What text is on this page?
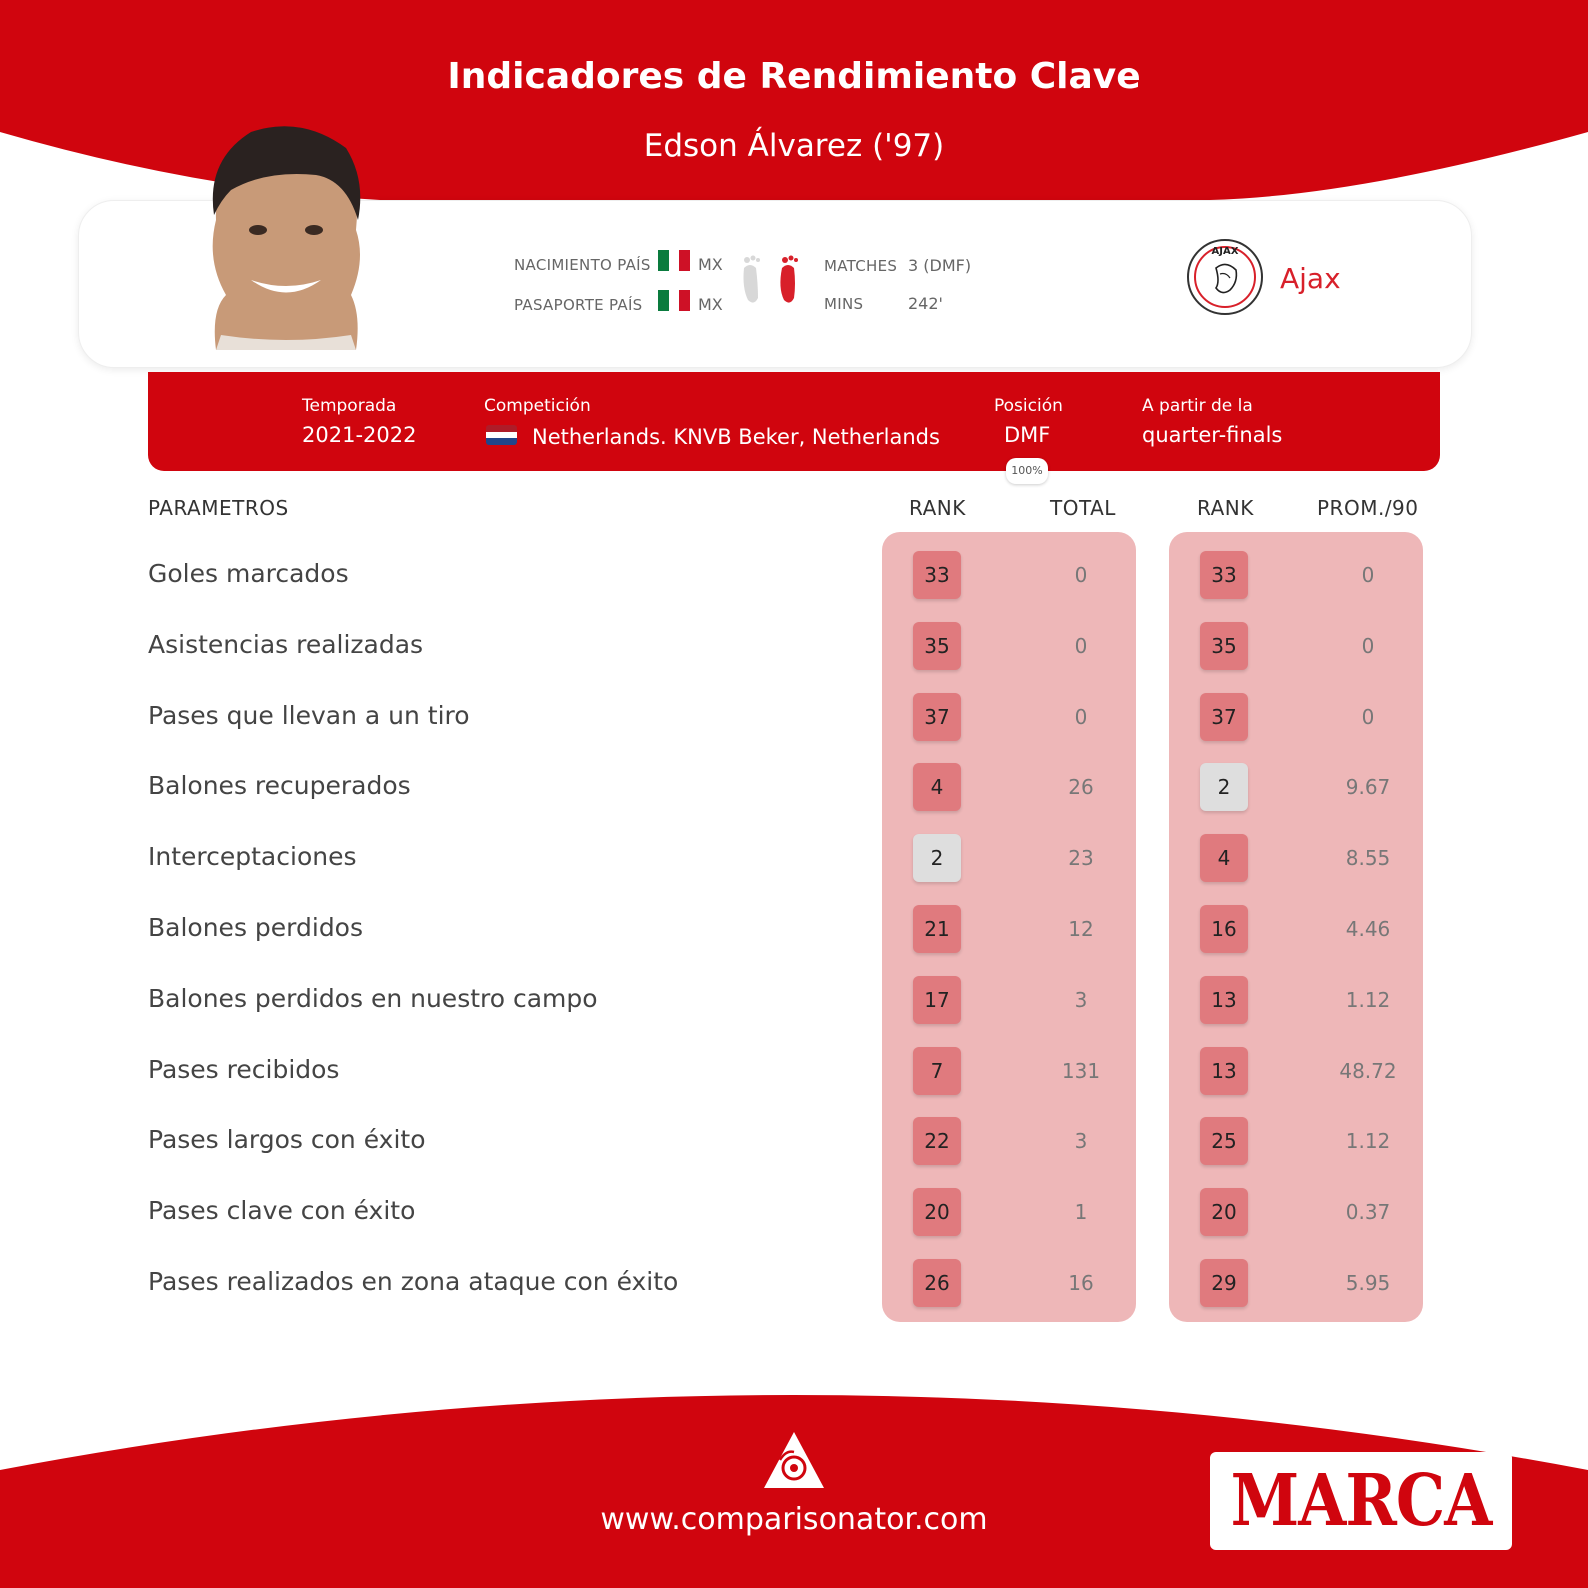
Indicadores de Rendimiento Clave
Edson Álvarez ('97)
NACIMIENTO PAÍS	MX
PASAPORTE PAÍS	MX
MATCHES 3 (DMF)
MINS	242'
AJAX
Ajax
Temporada
2021-2022
Competición
Netherlands. KNVB Beker, Netherlands
Posición
DMF
A partir de la
quarter-finals
100%
PARAMETROS	RANK	TOTAL	RANK	PROM./90
Goles marcados	33	0	33	0
Asistencias realizadas	35	0	35	0
Pases que llevan a un tiro	37	0	37	0
Balones recuperados	4	26	2	9.67
Interceptaciones	2	23	4	8.55
Balones perdidos	21	12	16	4.46
Balones perdidos en nuestro campo	17	3	13	1.12
Pases recibidos	7	131	13	48.72
Pases largos con éxito	22	3	25	1.12
Pases clave con éxito	20	1	20	0.37
Pases realizados en zona ataque con éxito	26	16	29	5.95
www.comparisonator.com	MARCA
